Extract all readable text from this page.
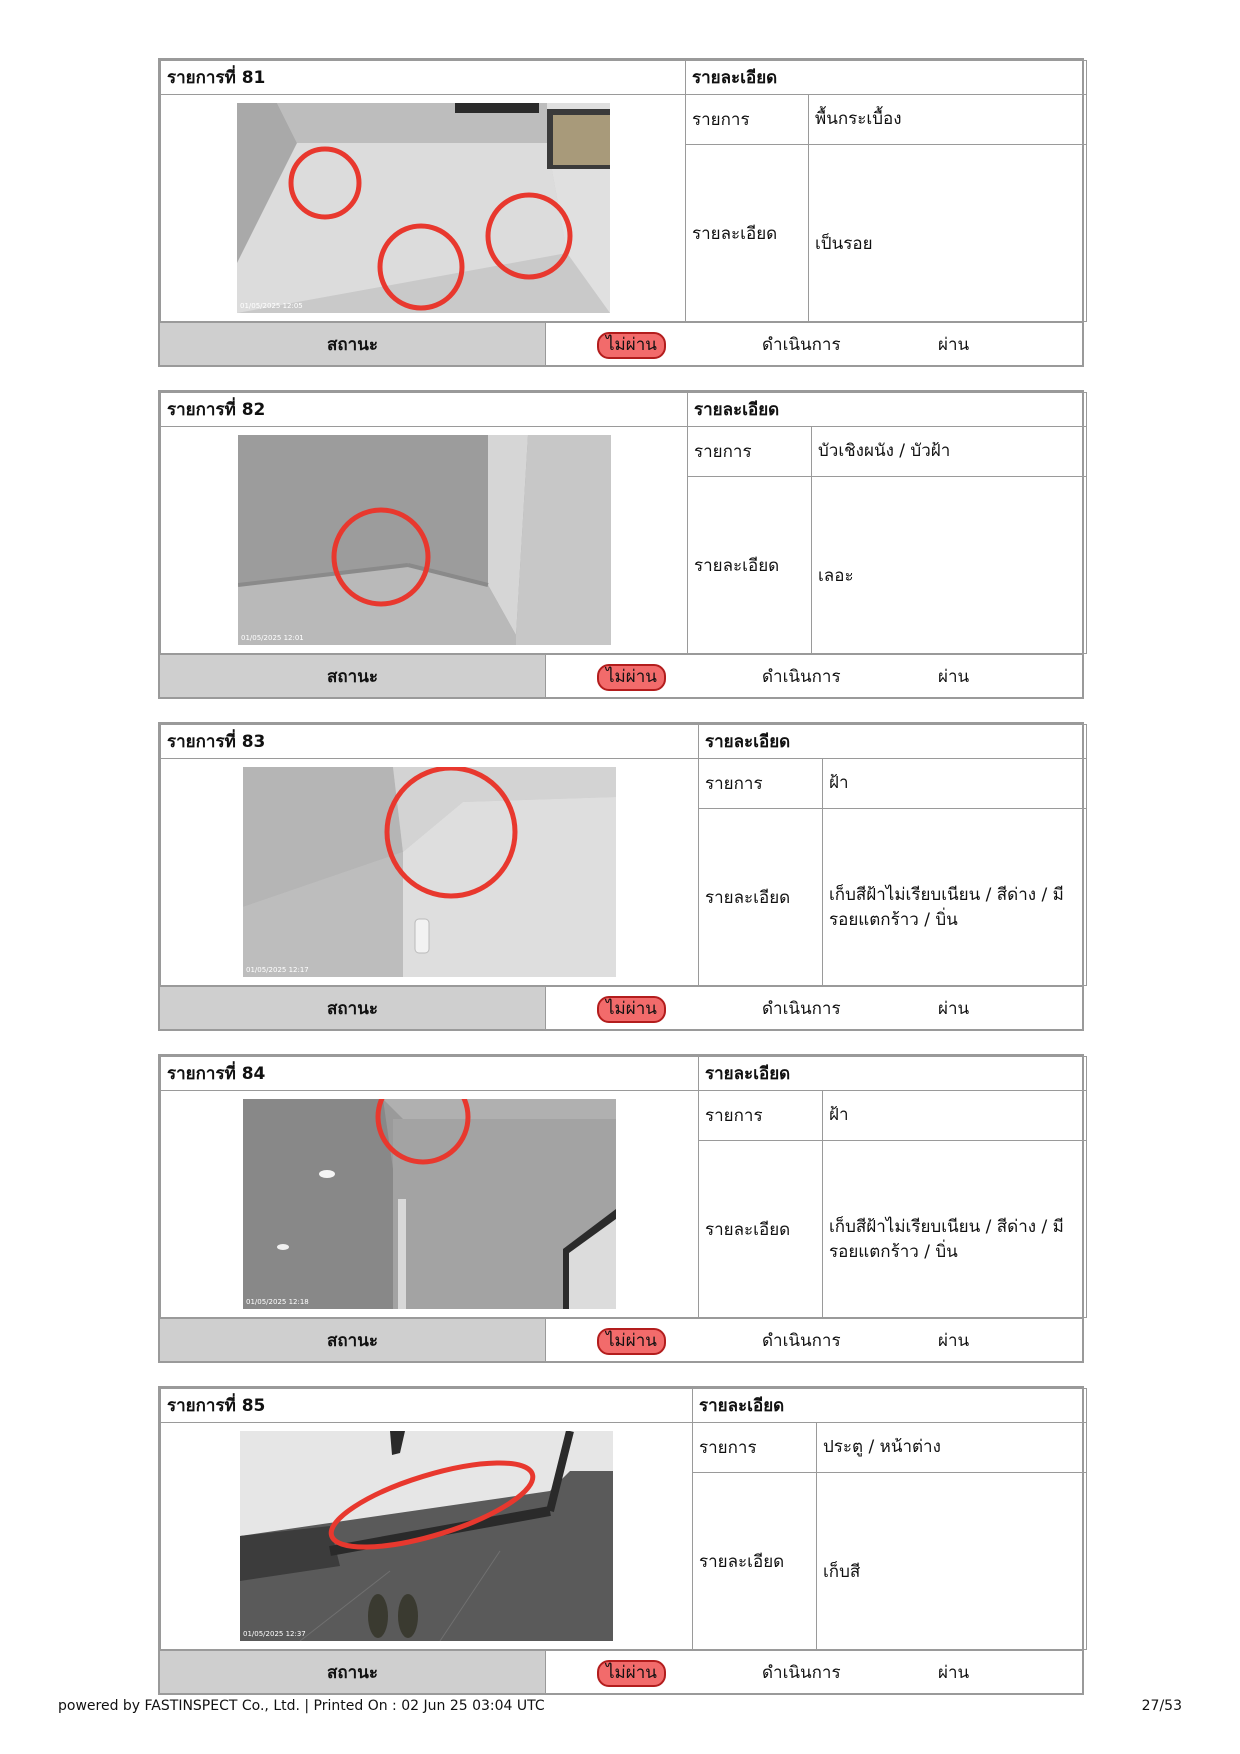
รายการที่ 81	รายละเอียด	

01/05/2025 12:05	รายการ	พื้นกระเบื้อง
	รายละเอียด	เป็นรอย
สถานะ	ไม่ผ่าน	ดำเนินการ	ผ่าน
รายการที่ 82	รายละเอียด	

01/05/2025 12:01	รายการ	บัวเชิงผนัง / บัวฝ้า
	รายละเอียด	เลอะ
สถานะ	ไม่ผ่าน	ดำเนินการ	ผ่าน
รายการที่ 83	รายละเอียด	

01/05/2025 12:17	รายการ	ฝ้า
	รายละเอียด	เก็บสีฝ้าไม่เรียบเนียน / สีด่าง / มีรอยแตกร้าว / บิ่น
สถานะ	ไม่ผ่าน	ดำเนินการ	ผ่าน
รายการที่ 84	รายละเอียด	

01/05/2025 12:18	รายการ	ฝ้า
	รายละเอียด	เก็บสีฝ้าไม่เรียบเนียน / สีด่าง / มีรอยแตกร้าว / บิ่น
สถานะ	ไม่ผ่าน	ดำเนินการ	ผ่าน
รายการที่ 85	รายละเอียด	

01/05/2025 12:37	รายการ	ประตู / หน้าต่าง
	รายละเอียด	เก็บสี
สถานะ	ไม่ผ่าน	ดำเนินการ	ผ่าน
powered by FASTINSPECT Co., Ltd. | Printed On : 02 Jun 25 03:04 UTC	27/53
